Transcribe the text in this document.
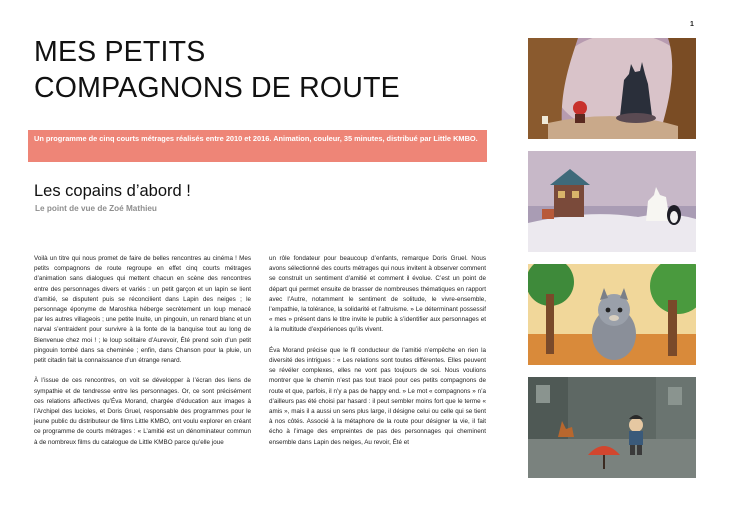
1
MES PETITS
COMPAGNONS DE ROUTE
Un programme de cinq courts métrages réalisés entre 2010 et 2016. Animation, couleur, 35 minutes, distribué par Little KMBO.
Les copains d’abord !
Le point de vue de Zoé Mathieu

Voilà un titre qui nous promet de faire de belles rencontres au cinéma ! Mes petits compagnons de route regroupe en effet cinq courts métrages d’animation sans dialogues qui mettent chacun en scène des rencontres entre des personnages divers et variés : un petit garçon et un lapin se lient d’amitié, se disputent puis se réconcilient dans Lapin des neiges ; le personnage éponyme de Maroshka héberge secrètement un loup menacé par les autres villageois ; une petite Inuite, un pingouin, un renard blanc et un narval s’entraident pour survivre à la fonte de la banquise tout au long de Bienvenue chez moi ! ; le loup solitaire d’Aurevoir, Été prend soin d’un petit pingouin tombé dans sa cheminée ; enfin, dans Chanson pour la pluie, un petit citadin fait la connaissance d’un étrange renard.

À l’issue de ces rencontres, on voit se développer à l’écran des liens de sympathie et de tendresse entre les personnages. Or, ce sont précisément ces relations affectives qu’Éva Morand, chargée d’éducation aux images à l’Archipel des lucioles, et Doris Gruel, responsable des programmes pour le jeune public du distributeur de films Little KMBO, ont voulu explorer en créant ce programme de courts métrages : « L’amitié est un dénominateur commun à de nombreux films du catalogue de Little KMBO parce qu’elle joue

un rôle fondateur pour beaucoup d’enfants, remarque Doris Gruel. Nous avons sélectionné des courts métrages qui nous invitent à observer comment se construit un sentiment d’amitié et comment il évolue. C’est un point de départ qui permet ensuite de brasser de nombreuses thématiques en rapport avec l’Autre, notamment le sentiment de solitude, le vivre-ensemble, l’empathie, la tolérance, la solidarité et l’altruisme. » Le déterminant possessif « mes » présent dans le titre invite le public à s’identifier aux personnages et à la multitude d’expériences qu’ils vivent.

Éva Morand précise que le fil conducteur de l’amitié n’empêche en rien la diversité des intrigues : « Les relations sont toutes différentes. Elles peuvent se révéler complexes, elles ne vont pas toujours de soi. Nous voulions montrer que le chemin n’est pas tout tracé pour ces petits compagnons de route et que, parfois, il n’y a pas de happy end. » Le mot « compagnons » n’a d’ailleurs pas été choisi par hasard : il peut sembler moins fort que le terme « amis », mais il a aussi un sens plus large, il désigne celui ou celle qui se tient à nos côtés. Associé à la métaphore de la route pour désigner la vie, il fait écho à l’image des empreintes de pas des personnages qui cheminent ensemble dans Lapin des neiges, Au revoir, Été et
